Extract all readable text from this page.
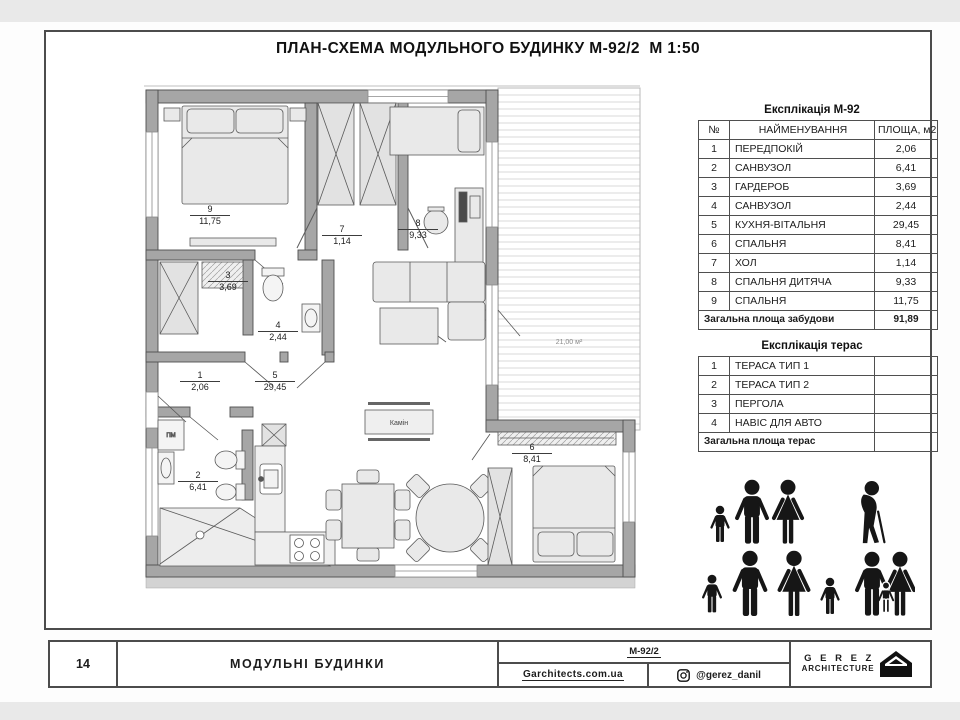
ПЛАН-СХЕМА МОДУЛЬНОГО БУДИНКУ М-92/2  М 1:50
21,00 м²
ПМ
Камін
9
11,75
7
1,14
8
9,33
3
3,69
4
2,44
1
2,06
5
29,45
2
6,41
6
8,41
Експлікація М-92
№	НАЙМЕНУВАННЯ	ПЛОЩА, м2
1	ПЕРЕДПОКІЙ	2,06
2	САНВУЗОЛ	6,41
3	ГАРДЕРОБ	3,69
4	САНВУЗОЛ	2,44
5	КУХНЯ-ВІТАЛЬНЯ	29,45
6	СПАЛЬНЯ	8,41
7	ХОЛ	1,14
8	СПАЛЬНЯ ДИТЯЧА	9,33
9	СПАЛЬНЯ	11,75
Загальна площа забудови		91,89
Експлікація терас
1	ТЕРАСА ТИП 1	
2	ТЕРАСА ТИП 2	
3	ПЕРГОЛА	
4	НАВІС ДЛЯ АВТО	
Загальна площа терас		
14	МОДУЛЬНІ БУДИНКИ
М-92/2
Garchitects.com.ua	@gerez_danil
G E R E Z
ARCHITECTURE
